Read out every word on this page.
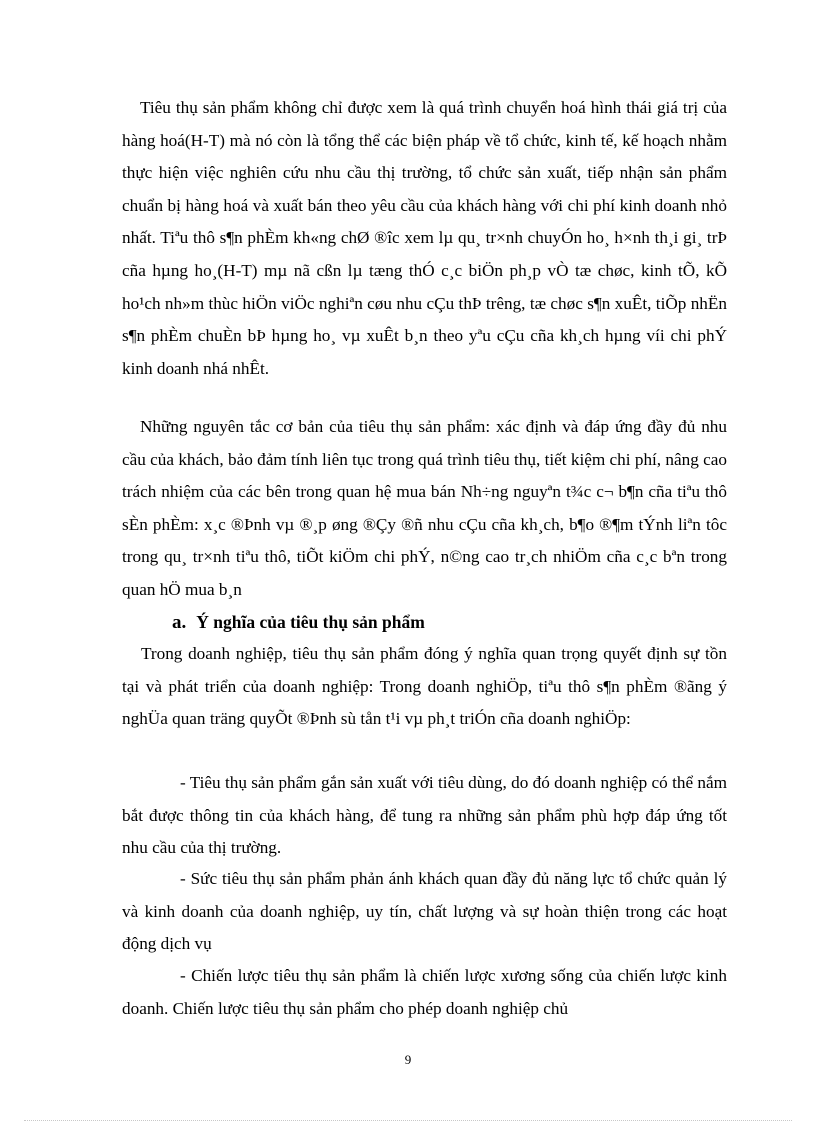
Tiêu thụ sản phẩm không chỉ được xem là quá trình chuyển hoá hình thái giá trị của hàng hoá(H-T) mà nó còn là tổng thể các biện pháp về tổ chức, kinh tế, kế hoạch nhằm thực hiện việc nghiên cứu nhu cầu thị trường, tổ chức sản xuất, tiếp nhận sản phẩm chuẩn bị hàng hoá và xuất bán theo yêu cầu của khách hàng với chi phí kinh doanh nhỏ nhất. Tiªu thô s¶n phÈm kh«ng chØ ®îc xem lµ qu¸ tr×nh chuyÓn ho¸ h×nh th¸i gi¸ trÞ cña hµng ho¸(H-T) mµ nã cßn lµ tæng thÓ c¸c biÖn ph¸p vÒ tæ chøc, kinh tÕ, kÕ ho¹ch nh»m thùc hiÖn viÖc nghiªn cøu nhu cÇu thÞ trêng, tæ chøc s¶n xuÊt, tiÕp nhËn s¶n phÈm chuÈn bÞ hµng ho¸ vµ xuÊt b¸n theo yªu cÇu cña kh¸ch hµng víi chi phÝ kinh doanh nhá nhÊt.

Những nguyên tắc cơ bản của tiêu thụ sản phẩm: xác định và đáp ứng đầy đủ nhu cầu của khách, bảo đảm tính liên tục trong quá trình tiêu thụ, tiết kiệm chi phí, nâng cao trách nhiệm của các bên trong quan hệ mua bán Nh÷ng nguyªn t¾c c¬ b¶n cña tiªu thô sÈn phÈm: x¸c ®Þnh vµ ®¸p øng ®Çy ®ñ nhu cÇu cña kh¸ch, b¶o ®¶m tÝnh liªn tôc trong qu¸ tr×nh tiªu thô, tiÕt kiÖm chi phÝ, n©ng cao tr¸ch nhiÖm cña c¸c bªn trong quan hÖ mua b¸n

a. Ý nghĩa của tiêu thụ sản phẩm

Trong doanh nghiệp, tiêu thụ sản phẩm đóng ý nghĩa quan trọng quyết định sự tồn tại và phát triển của doanh nghiệp: Trong doanh nghiÖp, tiªu thô s¶n phÈm ®ãng ý nghÜa quan träng quyÕt ®Þnh sù tån t¹i vµ ph¸t triÓn cña doanh nghiÖp:

- Tiêu thụ sản phẩm gắn sản xuất với tiêu dùng, do đó doanh nghiệp có thể nắm bắt được thông tin của khách hàng, để tung ra những sản phẩm phù hợp đáp ứng tốt nhu cầu của thị trường.

- Sức tiêu thụ sản phẩm phản ánh khách quan đầy đủ năng lực tổ chức quản lý và kinh doanh của doanh nghiệp, uy tín, chất lượng và sự hoàn thiện trong các hoạt động dịch vụ

- Chiến lược tiêu thụ sản phẩm là chiến lược xương sống của chiến lược kinh doanh. Chiến lược tiêu thụ sản phẩm cho phép doanh nghiệp chủ

9
